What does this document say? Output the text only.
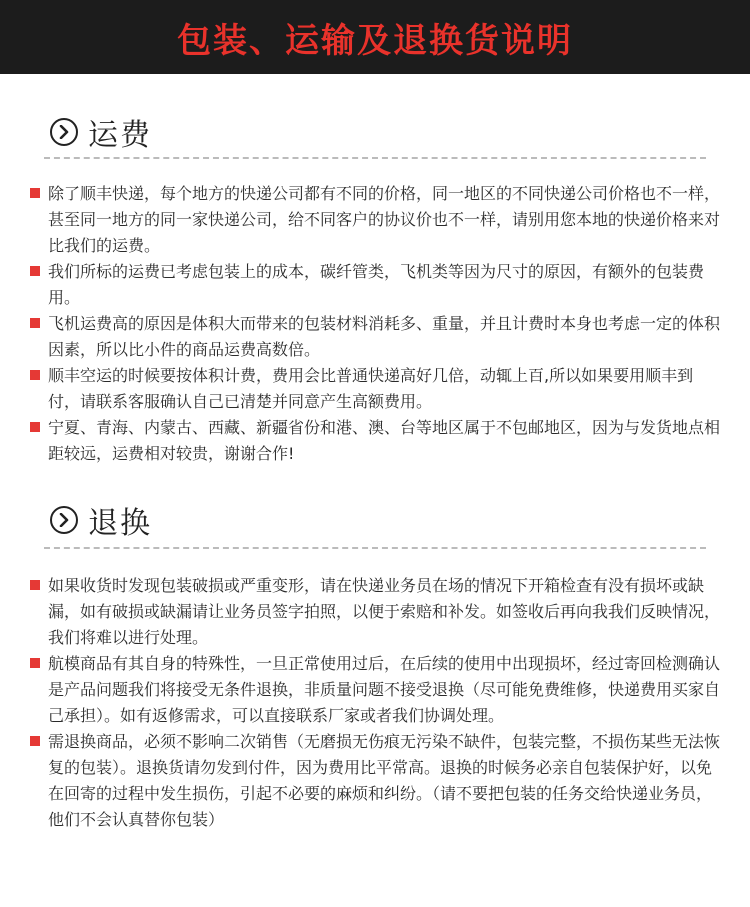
包装、运输及退换货说明
运费
除了顺丰快递，每个地方的快递公司都有不同的价格，同一地区的不同快递公司价格也不一样，甚至同一地方的同一家快递公司，给不同客户的协议价也不一样，请别用您本地的快递价格来对比我们的运费。
我们所标的运费已考虑包装上的成本，碳纤管类，飞机类等因为尺寸的原因，有额外的包装费用。
飞机运费高的原因是体积大而带来的包装材料消耗多、重量，并且计费时本身也考虑一定的体积因素，所以比小件的商品运费高数倍。
顺丰空运的时候要按体积计费，费用会比普通快递高好几倍，动辄上百,所以如果要用顺丰到付，请联系客服确认自己已清楚并同意产生高额费用。
宁夏、青海、内蒙古、西藏、新疆省份和港、澳、台等地区属于不包邮地区，因为与发货地点相距较远，运费相对较贵，谢谢合作!
退换
如果收货时发现包装破损或严重变形，请在快递业务员在场的情况下开箱检查有没有损坏或缺漏，如有破损或缺漏请让业务员签字拍照，以便于索赔和补发。如签收后再向我我们反映情况，我们将难以进行处理。
航模商品有其自身的特殊性，一旦正常使用过后，在后续的使用中出现损坏，经过寄回检测确认是产品问题我们将接受无条件退换，非质量问题不接受退换（尽可能免费维修，快递费用买家自己承担）。如有返修需求，可以直接联系厂家或者我们协调处理。
需退换商品，必须不影响二次销售（无磨损无伤痕无污染不缺件，包装完整，不损伤某些无法恢复的包装）。退换货请勿发到付件，因为费用比平常高。退换的时候务必亲自包装保护好，以免在回寄的过程中发生损伤，引起不必要的麻烦和纠纷。（请不要把包装的任务交给快递业务员，他们不会认真替你包装）
